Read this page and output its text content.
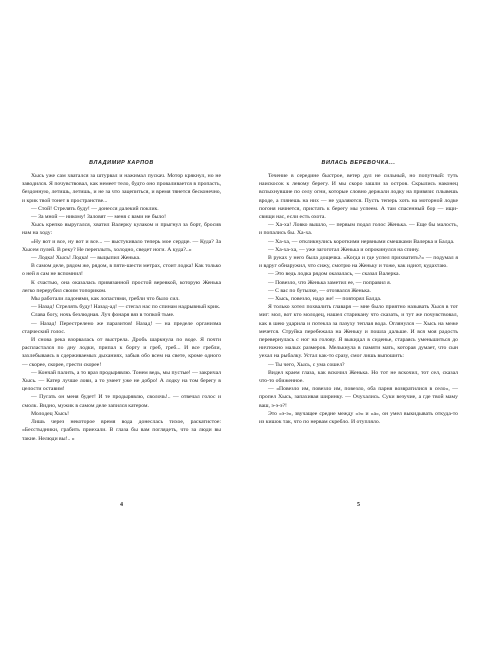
ВЛАДИМИР КАРПОВ

Хысь уже сам хватался за штурвал и нажимал пускач. Мотор крякнул, но не заводился. Я почувствовал, как немеет тело, будто оно проваливается в пропасть, бездонную, летишь, летишь, и не за что зацепиться, и время тянется бесконечно, и крик твой тонет в пространстве...

— Стой! Стрелять буду! — донесся далекий поклик.

— За мной — никому! Заловят — меня с вами не было!

Хысь крепко выругался, хватил Валерку кулаком и прыгнул за борт, бросив нам на ходу:

«Ну вот и все, ну вот и все... — выстукивало теперь мое сердце. — Куда? За Хысем пулей. В реку? Не переплыть, холодно, сведет ноги. А куда?..»

— Лодка! Хысь! Лодка! — выцыпил Женька.

В самом деле, рядом же, рядом, в пяти-шести метрах, стоит лодка! Как только о ней я сам не вспомнил!

К счастью, она оказалась привязанной простой веревкой, которую Женька легко перерубил своим топориком.

Мы работали ладонями, как лопастями, гребли что было сил.

— Назад! Стрелять буду! Назад-ад! — стегал нас по спинам надрывный крик.

Слава богу, ночь безлюдная. Луч фонаря вяз в топкой тьме.

— Назад! Перестрелено же паразитов! Назад! — на пределе организма старческий голос.

И снова река взорвалась от выстрела. Дробь шаркнула по воде. Я почти распластался по дну лодки, припал к борту и греб, греб... И все гребли, захлебываясь в сдерживаемых дыханиях, забыв обо всем на свете, кроме одного — скорее, скорее, грести скорее!

— Кончай палить, а то враз продырявлю. Тонем ведь, мы пустые! — закричал Хысь. — Катер лучше лови, а то умеет уже не добро! А лодку на том берегу в целости оставим!

— Пугать он меня будет! И те продырявлю, сволочь!.. — отвечал голос и смолк. Видно, мужик в самом деле запился катером.

Молодец Хысь!

Лишь через некоторое время вода донеслась тихое, раскатистое: «Бесстыдники, грабить приехали. В глаза бы вам поглядеть, что за люди вы такие. Нелюди вы!.. »

ВИЛАСЬ ВЕРЕВОЧКА...

Течение в середине быстрое, ветер дул не сильный, но попутный: туть наискосок к левому берегу. И мы скоро зашли за остров. Скрылись наконец вспыхнувшие по селу огни, которые словно держали лодку на привязи: плывешь вроде, а глянешь на них — не удаляются. Пусть теперь хоть на моторной лодке погоня начнется, пристать к берегу мы успеем. А там спасенный бор — ищи-свищи нас, если есть охота.

— Ха-ха! Ловко вышло, — первым подал голос Женька. — Еще бы малость, и попались бы. Ха-ха.

— Ха-ха, — откликнулись короткими нервными смешками Валерка и Балда.

— Ха-ха-ха, — уже загоготал Женька и опрокинулся на спину.

В руках у него была дощечка. «Когда и где успел прихватить?» — подумал я и вдруг обнаружил, что сижу, смотрю на Женьку и тоже, как идиот, кудахтаю.

— Это ведь лодка рядом оказалась, — сказал Валерка.

— Повезло, что Женька заметил ее, — поправил я.

— С вас по бутылке, — отозвался Женька.

— Хысь, повезло, надо же! — повторял Балда.

Я только хотел похвалить главаря — мне было приятно называть Хыся в тот миг: мол, вот кто молодец, нашел старикану что сказать, и тут же почувствовал, как в шею ударила и потекла за пазуху теплая вода. Оглянулся — Хысь на меже мечется. Струйка перебежала на Женьку и пошла дальше. И вся моя радость перевернулась с ног на голову. Я выкидал в сиденье, стараясь уменьшиться до ничтожно малых размеров. Мелькнула в памяти мать, которая думает, что сын уехал на рыбалку. Устал как-то сразу, смог лишь выпошить:

— Ты чего, Хысь, с ума сошел?

Видел краем глаза, как вскочил Женька. Но тот не вскочил, тот сел, сказал что-то обиженное.

— «Повезло им, повезло им, повезло, оба парня возвратилися в село», — пропел Хысь, запахивая ширинку. — Очухались. Суки везучие, а где твой маму ваш, э-э-э?!

Это «э-э», звучащее средне между «э» и «а», он умел выкидывать откуда-то из кишок так, что по нервам скребло. И отупляло.

4	5
